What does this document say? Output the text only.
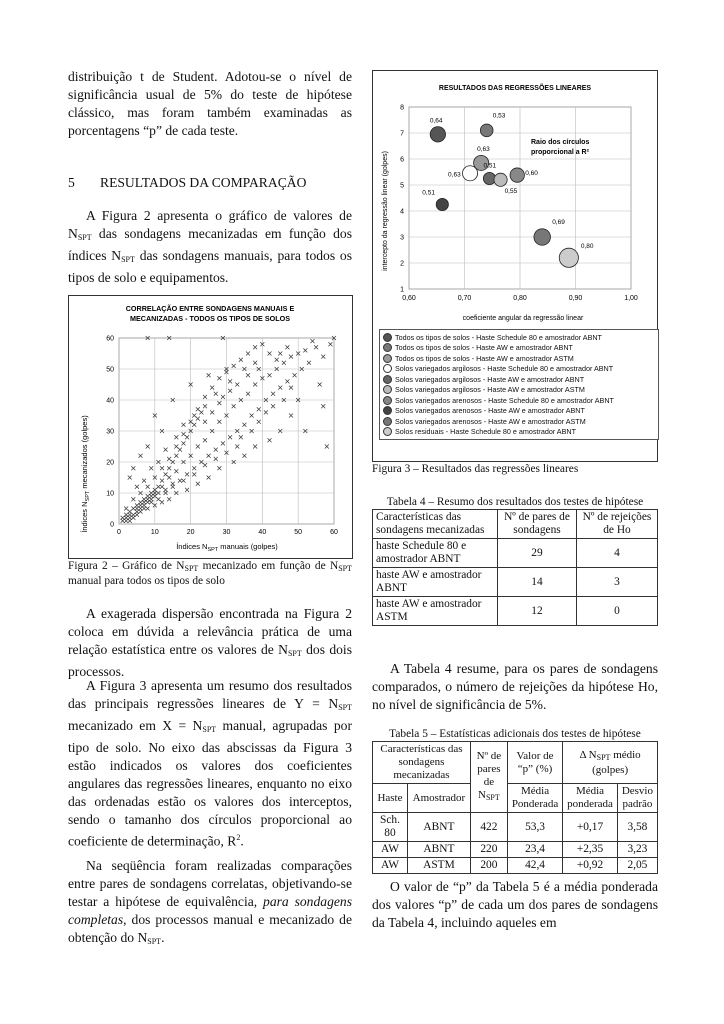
distribuição t de Student. Adotou-se o nível de significância usual de 5% do teste de hipótese clássico, mas foram também examinadas as porcentagens “p” de cada teste.

5 RESULTADOS DA COMPARAÇÃO

A Figura 2 apresenta o gráfico de valores de $N_{SPT}$ das sondagens mecanizadas em função dos índices $N_{SPT}$ das sondagens manuais, para todos os tipos de solo e equipamentos.

CORRELAÇÃO ENTRE SONDAGENS MANUAIS E
MECANIZADAS - TODOS OS TIPOS DE SOLOS
0	10	20	30	40	50	60
0
10
20
30
40
50
60
Índices $N_{SPT}$ mecanizados (golpes)
Índices $N_{SPT}$ manuais (golpes)

Figura 2 – Gráfico de $N_{SPT}$ mecanizado em função de $N_{SPT}$ manual para todos os tipos de solo

A exagerada dispersão encontrada na Figura 2 coloca em dúvida a relevância prática de uma relação estatística entre os valores de $N_{SPT}$ dos dois processos.

A Figura 3 apresenta um resumo dos resultados das principais regressões lineares de $Y = N_{SPT}$ mecanizado em $X = N_{SPT}$ manual, agrupadas por tipo de solo. No eixo das abscissas da Figura 3 estão indicados os valores dos coeficientes angulares das regressões lineares, enquanto no eixo das ordenadas estão os valores dos interceptos, sendo o tamanho dos círculos proporcional ao coeficiente de determinação, $R^2$.

Na seqüência foram realizadas comparações entre pares de sondagens correlatas, objetivando-se testar a hipótese de equivalência, para sondagens completas, dos processos manual e mecanizado de obtenção do $N_{SPT}$.

RESULTADOS DAS REGRESSÕES LINEARES
0,60	0,70	0,80	0,90	1,00
1
2
3
4
5
6
7
8
0,64
0,53
0,63
0,63
0,51
0,55
0,60
0,51
0,69
0,80
Raio dos círculos
proporcional a R²
intercepto da regressão linear (golpes)
coeficiente angular da regressão linear
Todos os tipos de solos - Haste Schedule 80 e amostrador ABNT
Todos os tipos de solos - Haste AW e amostrador ABNT
Todos os tipos de solos - Haste AW e amostrador ASTM
Solos variegados argilosos - Haste Schedule 80 e amostrador ABNT
Solos variegados argilosos - Haste AW e amostrador ABNT
Solos variegados argilosos - Haste AW e amostrador ASTM
Solos variegados arenosos - Haste Schedule 80 e amostrador ABNT
Solos variegados arenosos - Haste AW e amostrador ABNT
Solos variegados arenosos - Haste AW e amostrador ASTM
Solos residuais - Haste Schedule 80 e amostrador ABNT

Figura 3 – Resultados das regressões lineares

Tabela 4 – Resumo dos resultados dos testes de hipótese

Características das sondagens mecanizadas	Nº de pares de sondagens	Nº de rejeições de Ho
haste Schedule 80 e amostrador ABNT	29	4
haste AW e amostrador ABNT	14	3
haste AW e amostrador ASTM	12	0

A Tabela 4 resume, para os pares de sondagens comparados, o número de rejeições da hipótese Ho, no nível de significância de 5%.

Tabela 5 – Estatísticas adicionais dos testes de hipótese

Características das sondagens mecanizadas		Nº de pares de $N_{SPT}$	Valor de “p” (%)	Δ $N_{SPT}$ médio (golpes)	
Haste	Amostrador		Média Ponderada	Média ponderada	Desvio padrão
Sch. 80	ABNT	422	53,3	+0,17	3,58
AW	ABNT	220	23,4	+2,35	3,23
AW	ASTM	200	42,4	+0,92	2,05

O valor de “p” da Tabela 5 é a média ponderada dos valores “p” de cada um dos pares de sondagens da Tabela 4, incluindo aqueles em
